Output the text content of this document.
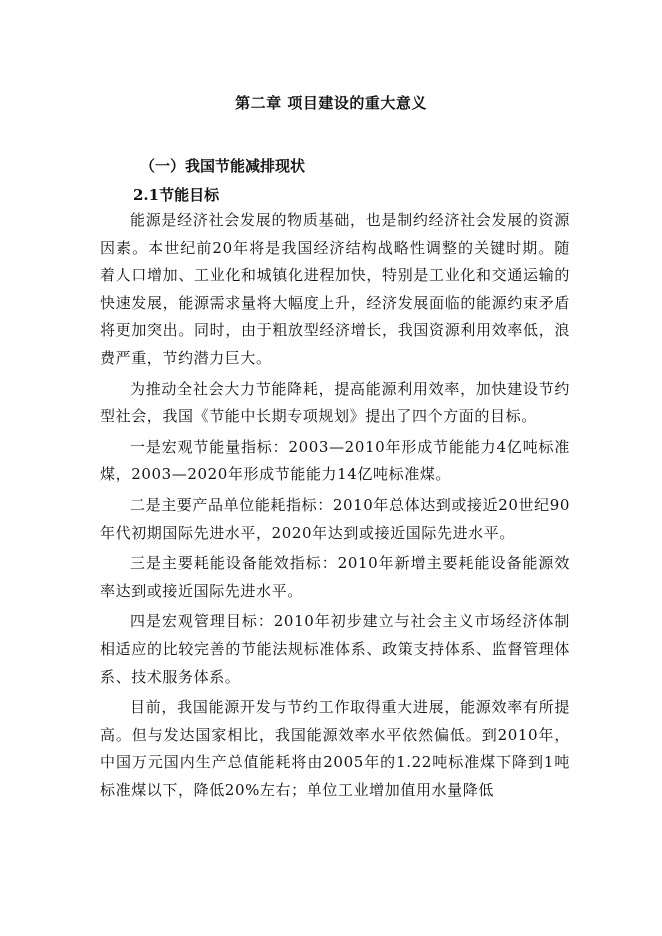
第二章 项目建设的重大意义
（一）我国节能减排现状
2.1节能目标

能源是经济社会发展的物质基础，也是制约经济社会发展的资源因素。本世纪前20年将是我国经济结构战略性调整的关键时期。随着人口增加、工业化和城镇化进程加快，特别是工业化和交通运输的快速发展，能源需求量将大幅度上升，经济发展面临的能源约束矛盾将更加突出。同时，由于粗放型经济增长，我国资源利用效率低，浪费严重，节约潜力巨大。

为推动全社会大力节能降耗，提高能源利用效率，加快建设节约型社会，我国《节能中长期专项规划》提出了四个方面的目标。

一是宏观节能量指标：2003—2010年形成节能能力4亿吨标准煤，2003—2020年形成节能能力14亿吨标准煤。

二是主要产品单位能耗指标：2010年总体达到或接近20世纪90年代初期国际先进水平，2020年达到或接近国际先进水平。

三是主要耗能设备能效指标：2010年新增主要耗能设备能源效率达到或接近国际先进水平。

四是宏观管理目标：2010年初步建立与社会主义市场经济体制相适应的比较完善的节能法规标准体系、政策支持体系、监督管理体系、技术服务体系。

目前，我国能源开发与节约工作取得重大进展，能源效率有所提高。但与发达国家相比，我国能源效率水平依然偏低。到2010年，中国万元国内生产总值能耗将由2005年的1.22吨标准煤下降到1吨标准煤以下，降低20%左右；单位工业增加值用水量降低
